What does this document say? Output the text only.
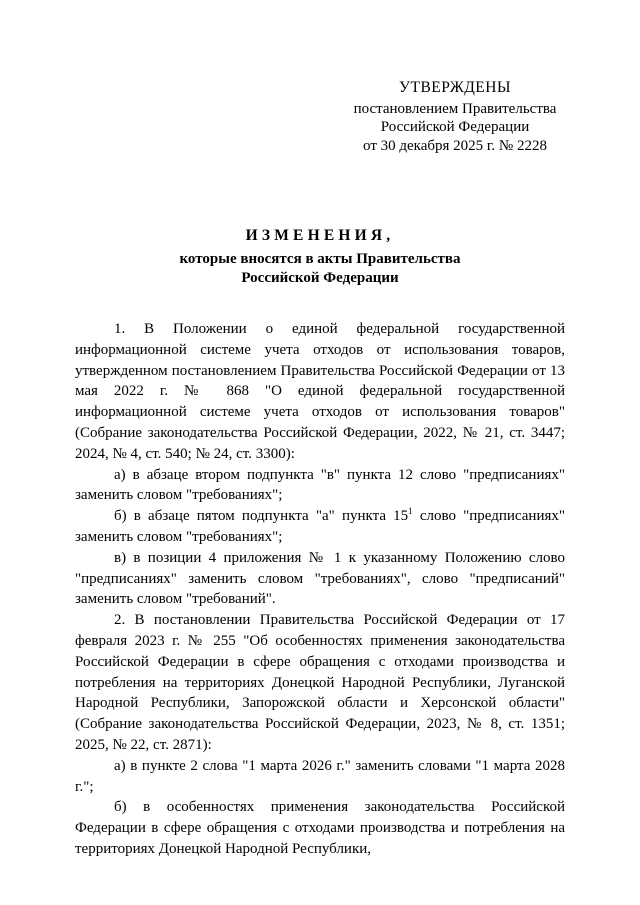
УТВЕРЖДЕНЫ
постановлением Правительства
Российской Федерации
от 30 декабря 2025 г. № 2228
ИЗМЕНЕНИЯ,
которые вносятся в акты Правительства
Российской Федерации

1. В Положении о единой федеральной государственной информационной системе учета отходов от использования товаров, утвержденном постановлением Правительства Российской Федерации от 13 мая 2022 г. № 868 "О единой федеральной государственной информационной системе учета отходов от использования товаров" (Собрание законодательства Российской Федерации, 2022, № 21, ст. 3447; 2024, № 4, ст. 540; № 24, ст. 3300):

а) в абзаце втором подпункта "в" пункта 12 слово "предписаниях" заменить словом "требованиях";

б) в абзаце пятом подпункта "а" пункта $15^1$ слово "предписаниях" заменить словом "требованиях";

в) в позиции 4 приложения № 1 к указанному Положению слово "предписаниях" заменить словом "требованиях", слово "предписаний" заменить словом "требований".

2. В постановлении Правительства Российской Федерации от 17 февраля 2023 г. № 255 "Об особенностях применения законодательства Российской Федерации в сфере обращения с отходами производства и потребления на территориях Донецкой Народной Республики, Луганской Народной Республики, Запорожской области и Херсонской области" (Собрание законодательства Российской Федерации, 2023, № 8, ст. 1351; 2025, № 22, ст. 2871):

а) в пункте 2 слова "1 марта 2026 г." заменить словами "1 марта 2028 г.";

б) в особенностях применения законодательства Российской Федерации в сфере обращения с отходами производства и потребления на территориях Донецкой Народной Республики,
